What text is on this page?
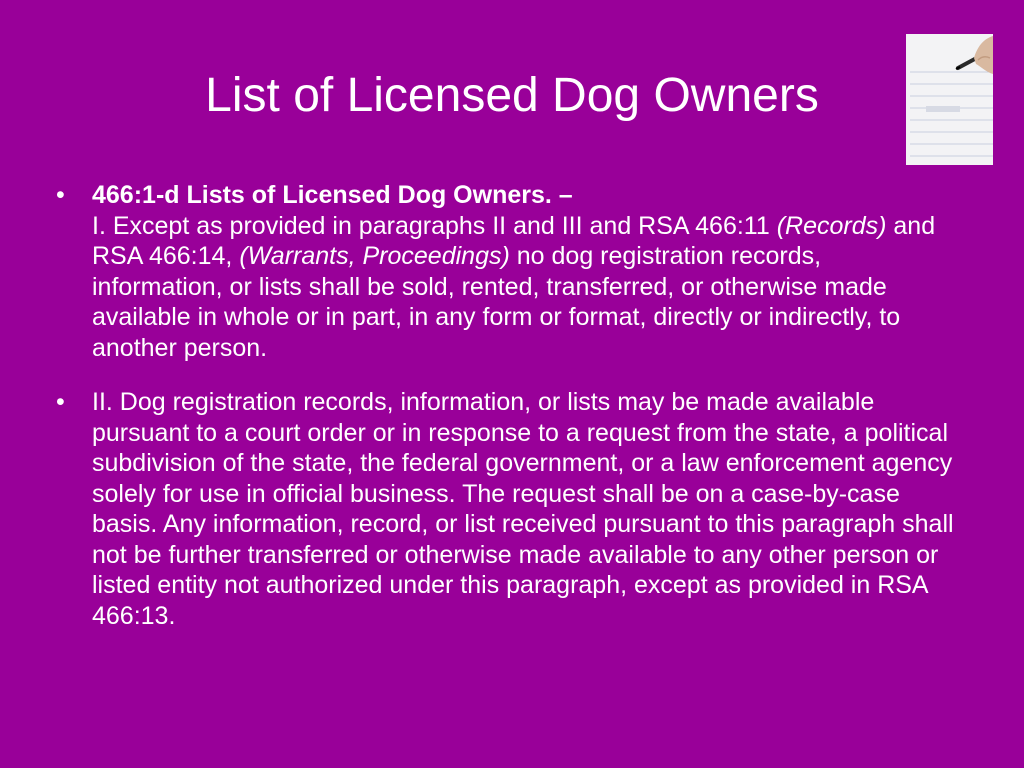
List of Licensed Dog Owners
• 466:1-d Lists of Licensed Dog Owners. –
I. Except as provided in paragraphs II and III and RSA 466:11 (Records) and RSA 466:14, (Warrants, Proceedings) no dog registration records, information, or lists shall be sold, rented, transferred, or otherwise made available in whole or in part, in any form or format, directly or indirectly, to another person.
• II. Dog registration records, information, or lists may be made available pursuant to a court order or in response to a request from the state, a political subdivision of the state, the federal government, or a law enforcement agency solely for use in official business. The request shall be on a case-by-case basis. Any information, record, or list received pursuant to this paragraph shall not be further transferred or otherwise made available to any other person or listed entity not authorized under this paragraph, except as provided in RSA 466:13.
